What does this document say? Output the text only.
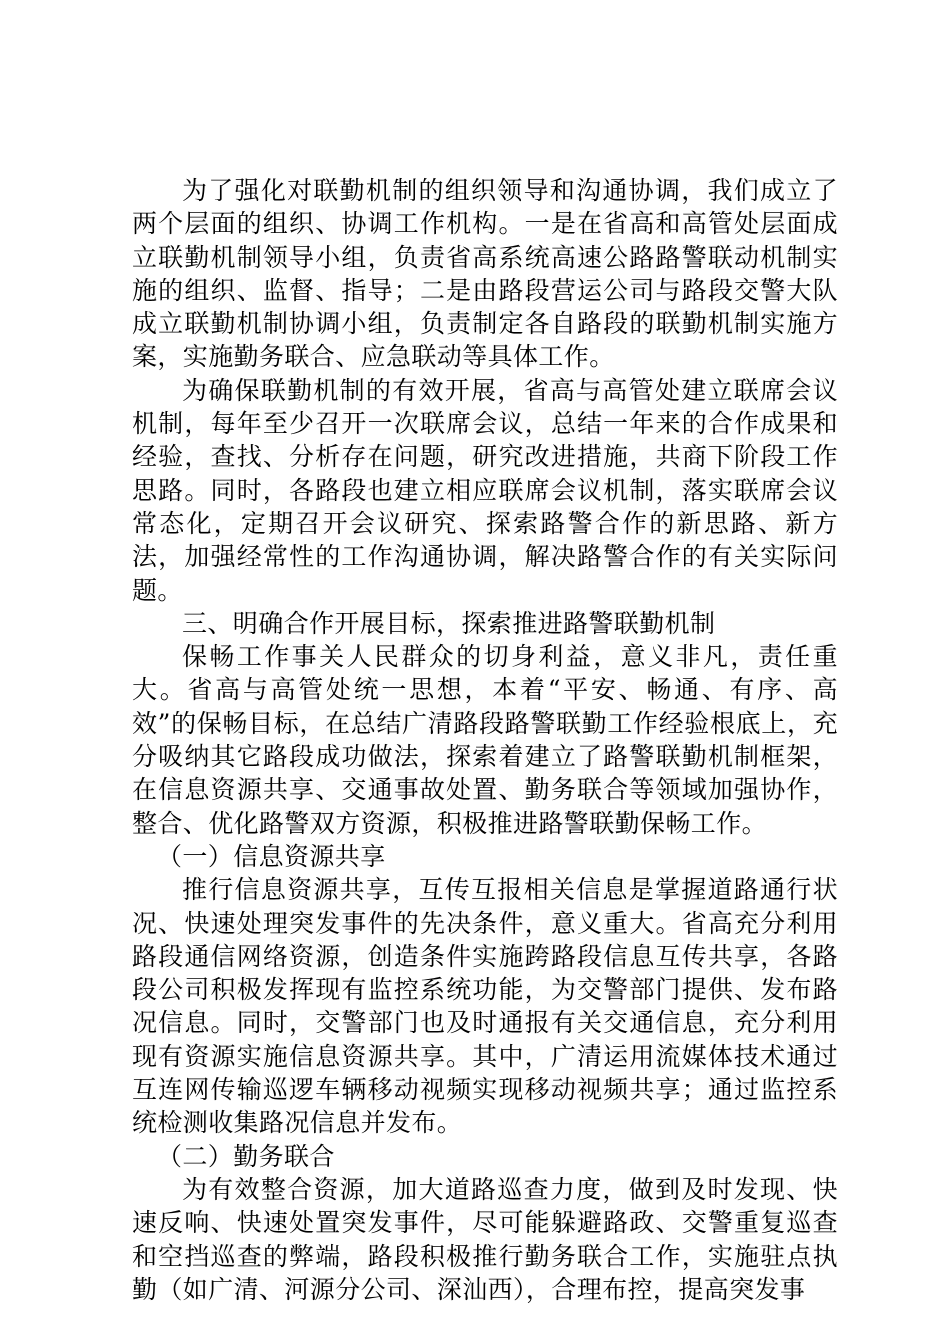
为了强化对联勤机制的组织领导和沟通协调，我们成立了两个层面的组织、协调工作机构。一是在省高和高管处层面成立联勤机制领导小组，负责省高系统高速公路路警联动机制实施的组织、监督、指导；二是由路段营运公司与路段交警大队成立联勤机制协调小组，负责制定各自路段的联勤机制实施方案，实施勤务联合、应急联动等具体工作。

为确保联勤机制的有效开展，省高与高管处建立联席会议机制，每年至少召开一次联席会议，总结一年来的合作成果和经验，查找、分析存在问题，研究改进措施，共商下阶段工作思路。同时，各路段也建立相应联席会议机制，落实联席会议常态化，定期召开会议研究、探索路警合作的新思路、新方法，加强经常性的工作沟通协调，解决路警合作的有关实际问题。

三、明确合作开展目标，探索推进路警联勤机制

保畅工作事关人民群众的切身利益，意义非凡，责任重大。省高与高管处统一思想，本着“平安、畅通、有序、高效”的保畅目标，在总结广清路段路警联勤工作经验根底上，充分吸纳其它路段成功做法，探索着建立了路警联勤机制框架，在信息资源共享、交通事故处置、勤务联合等领域加强协作，整合、优化路警双方资源，积极推进路警联勤保畅工作。

（一）信息资源共享

推行信息资源共享，互传互报相关信息是掌握道路通行状况、快速处理突发事件的先决条件，意义重大。省高充分利用路段通信网络资源，创造条件实施跨路段信息互传共享，各路段公司积极发挥现有监控系统功能，为交警部门提供、发布路况信息。同时，交警部门也及时通报有关交通信息，充分利用现有资源实施信息资源共享。其中，广清运用流媒体技术通过互连网传输巡逻车辆移动视频实现移动视频共享；通过监控系统检测收集路况信息并发布。

（二）勤务联合

为有效整合资源，加大道路巡查力度，做到及时发现、快速反响、快速处置突发事件，尽可能躲避路政、交警重复巡查和空挡巡查的弊端，路段积极推行勤务联合工作，实施驻点执勤（如广清、河源分公司、深汕西），合理布控，提高突发事
